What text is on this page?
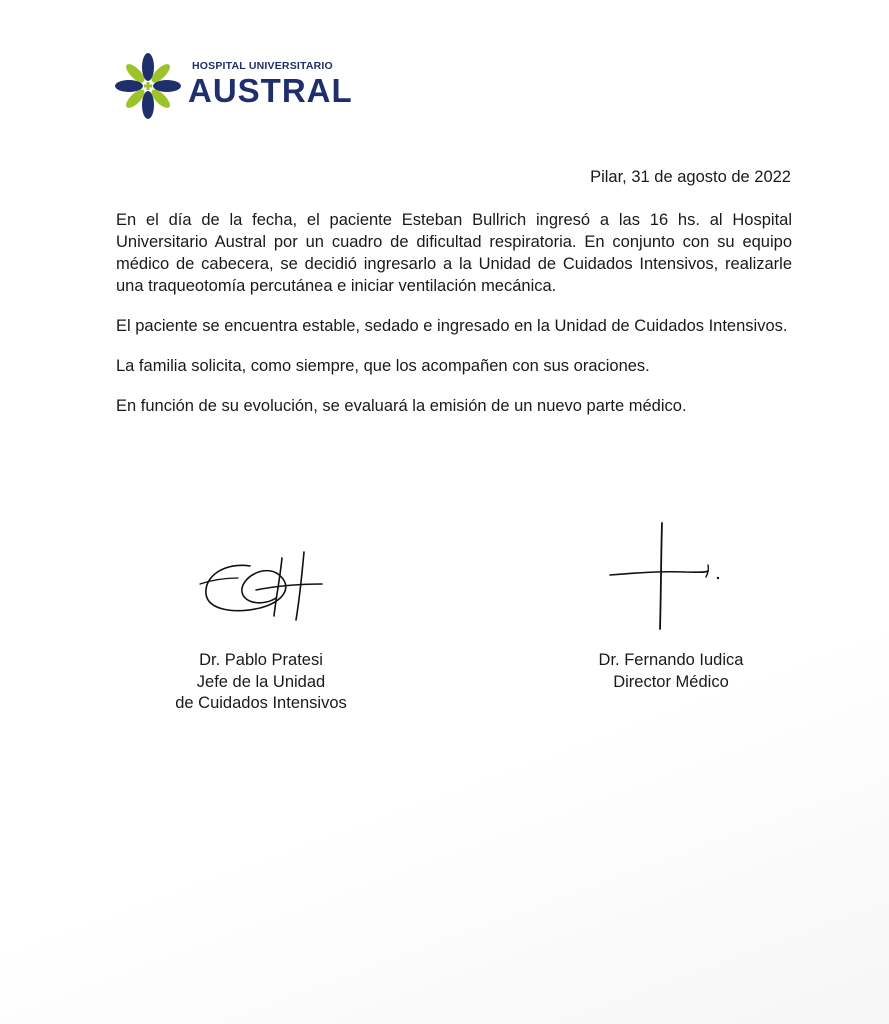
HOSPITAL UNIVERSITARIO
AUSTRAL
Pilar, 31 de agosto de 2022

En el día de la fecha, el paciente Esteban Bullrich ingresó a las 16 hs. al Hospital Universitario Austral por un cuadro de dificultad respiratoria. En conjunto con su equipo médico de cabecera, se decidió ingresarlo a la Unidad de Cuidados Intensivos, realizarle una traqueotomía percutánea e iniciar ventilación mecánica.

El paciente se encuentra estable, sedado e ingresado en la Unidad de Cuidados Intensivos.

La familia solicita, como siempre, que los acompañen con sus oraciones.

En función de su evolución, se evaluará la emisión de un nuevo parte médico.

Dr. Pablo Pratesi
Jefe de la Unidad
de Cuidados Intensivos
Dr. Fernando Iudica
Director Médico
